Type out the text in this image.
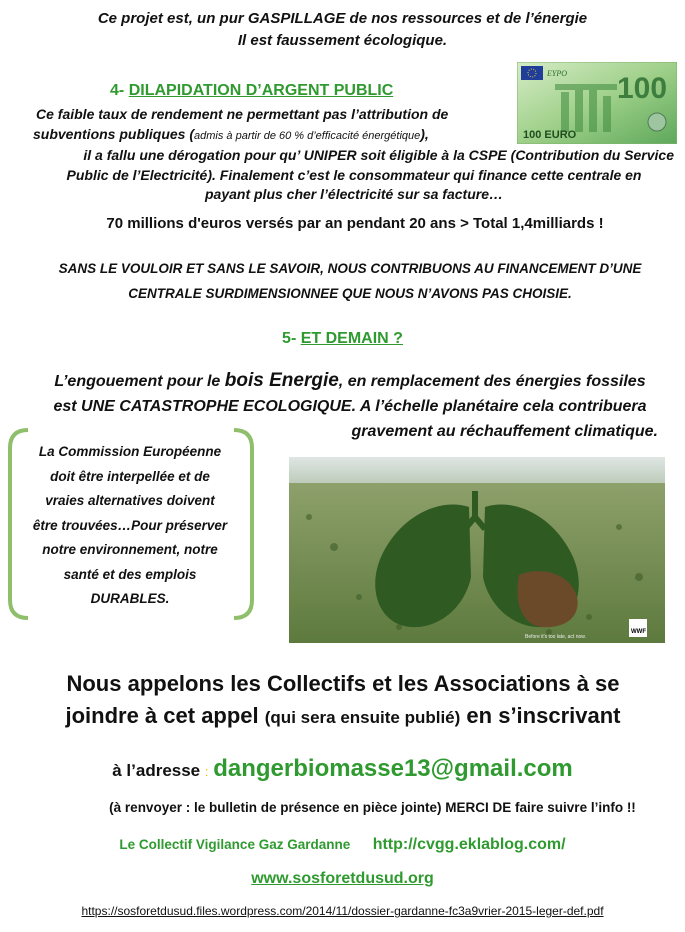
Ce projet est, un pur GASPILLAGE de nos ressources et de l’énergie
Il est faussement écologique.
EYPO 100
100 EURO
4- DILAPIDATION D’ARGENT PUBLIC
Ce faible taux de rendement ne permettant pas l’attribution de
subventions publiques (admis à partir de 60 % d’efficacité énergétique),
il a fallu une dérogation pour qu’ UNIPER soit éligible à la CSPE (Contribution du Service
Public de l’Electricité). Finalement c’est le consommateur qui finance cette centrale en
payant plus cher l’électricité sur sa facture…
70 millions d'euros versés par an pendant 20 ans > Total 1,4milliards !
SANS LE VOULOIR ET SANS LE SAVOIR, NOUS CONTRIBUONS AU FINANCEMENT D’UNE
CENTRALE SURDIMENSIONNEE QUE NOUS N’AVONS PAS CHOISIE.
5- ET DEMAIN ?
L’engouement pour le bois Energie, en remplacement des énergies fossiles
est UNE CATASTROPHE ECOLOGIQUE. A l’échelle planétaire cela contribuera
gravement au réchauffement climatique.
La Commission Européenne
doit être interpellée et de
vraies alternatives doivent
être trouvées…Pour préserver
notre environnement, notre
santé et des emplois
DURABLES.
Before it's too late, act now.
WWF
Nous appelons les Collectifs et les Associations à se
joindre à cet appel (qui sera ensuite publié) en s’inscrivant
à l’adresse : dangerbiomasse13@gmail.com
(à renvoyer : le bulletin de présence en pièce jointe) MERCI DE faire suivre l’info !!
Le Collectif Vigilance Gaz Gardanne http://cvgg.eklablog.com/
www.sosforetdusud.org
https://sosforetdusud.files.wordpress.com/2014/11/dossier-gardanne-fc3a9vrier-2015-leger-def.pdf
